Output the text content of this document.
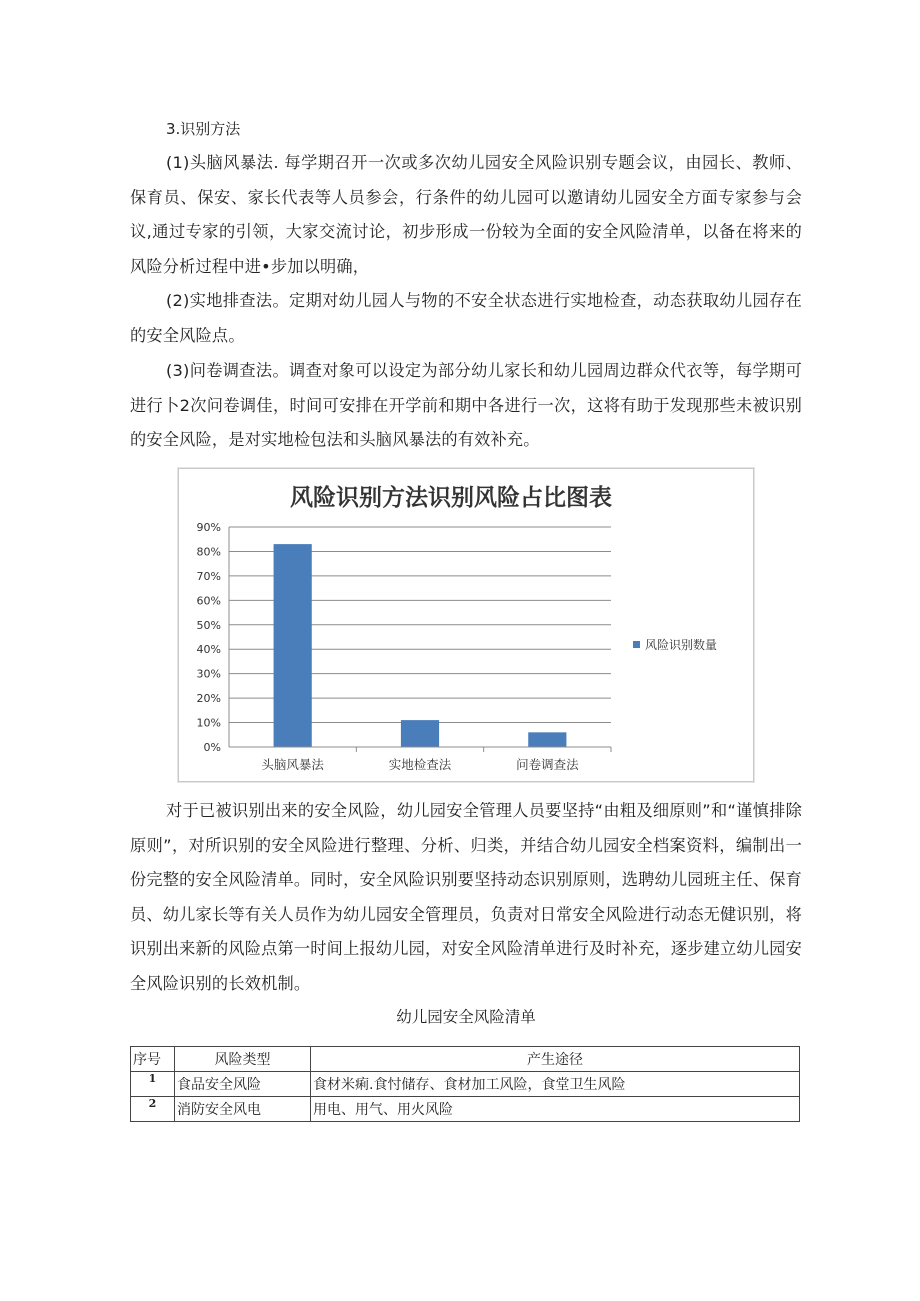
3.识别方法

(1)头脑风暴法. 每学期召开一次或多次幼儿园安全风险识别专题会议，由园长、教师、保育员、保安、家长代表等人员参会，行条件的幼儿园可以邀请幼儿园安全方面专家参与会议,通过专家的引领，大家交流讨论，初步形成一份较为全面的安全风险清单，以备在将来的风险分析过程中进•步加以明确，

(2)实地排查法。定期对幼儿园人与物的不安全状态进行实地检查，动态获取幼儿园存在的安全风险点。

(3)问卷调查法。调查对象可以设定为部分幼儿家长和幼儿园周边群众代衣等，每学期可进行卜2次问卷调佳，时间可安排在开学前和期中各进行一次，这将有助于发现那些未被识别的安全风险，是对实地检包法和头脑风暴法的有效补充。

风险识别方法识别风险占比图表
0%
10%
20%
30%
40%
50%
60%
70%
80%
90%
头脑风暴法	实地检查法	问卷调查法
风险识别数量

对于已被识别出来的安全风险，幼儿园安全管理人员要坚持“由粗及细原则”和“谨慎排除原则”，对所识别的安全风险进行整理、分析、归类，并结合幼儿园安全档案资料，编制出一份完整的安全风险清单。同时，安全风险识别要坚持动态识别原则，选聘幼儿园班主任、保育员、幼儿家长等有关人员作为幼儿园安全管理员，负责对日常安全风险进行动态无健识别，将识别出来新的风险点第一时间上报幼儿园，对安全风险清单进行及时补充，逐步建立幼儿园安全风险识别的长效机制。

幼儿园安全风险清单
序号	风险类型	产生途径
1	食品安全风险	食材米痢.食忖储存、食材加工风险，食堂卫生风险
2	消防安全风电	用电、用气、用火风险
